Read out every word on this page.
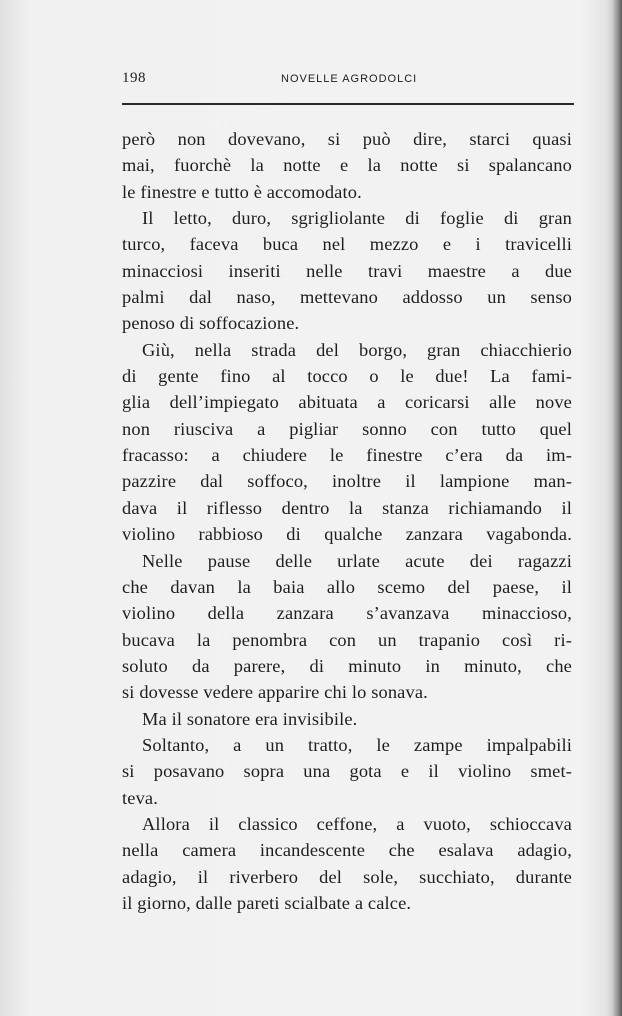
198	NOVELLE AGRODOLCI

però non dovevano, si può dire, starci quasi
mai, fuorchè la notte e la notte si spalancano
le finestre e tutto è accomodato.

Il letto, duro, sgrigliolante di foglie di gran
turco, faceva buca nel mezzo e i travicelli
minacciosi inseriti nelle travi maestre a due
palmi dal naso, mettevano addosso un senso
penoso di soffocazione.

Giù, nella strada del borgo, gran chiacchierio
di gente fino al tocco o le due! La fami-
glia dell’impiegato abituata a coricarsi alle nove
non riusciva a pigliar sonno con tutto quel
fracasso: a chiudere le finestre c’era da im-
pazzire dal soffoco, inoltre il lampione man-
dava il riflesso dentro la stanza richiamando il
violino rabbioso di qualche zanzara vagabonda.

Nelle pause delle urlate acute dei ragazzi
che davan la baia allo scemo del paese, il
violino della zanzara s’avanzava minaccioso,
bucava la penombra con un trapanio così ri-
soluto da parere, di minuto in minuto, che
si dovesse vedere apparire chi lo sonava.

Ma il sonatore era invisibile.

Soltanto, a un tratto, le zampe impalpabili
si posavano sopra una gota e il violino smet-
teva.

Allora il classico ceffone, a vuoto, schioccava
nella camera incandescente che esalava adagio,
adagio, il riverbero del sole, succhiato, durante
il giorno, dalle pareti scialbate a calce.
